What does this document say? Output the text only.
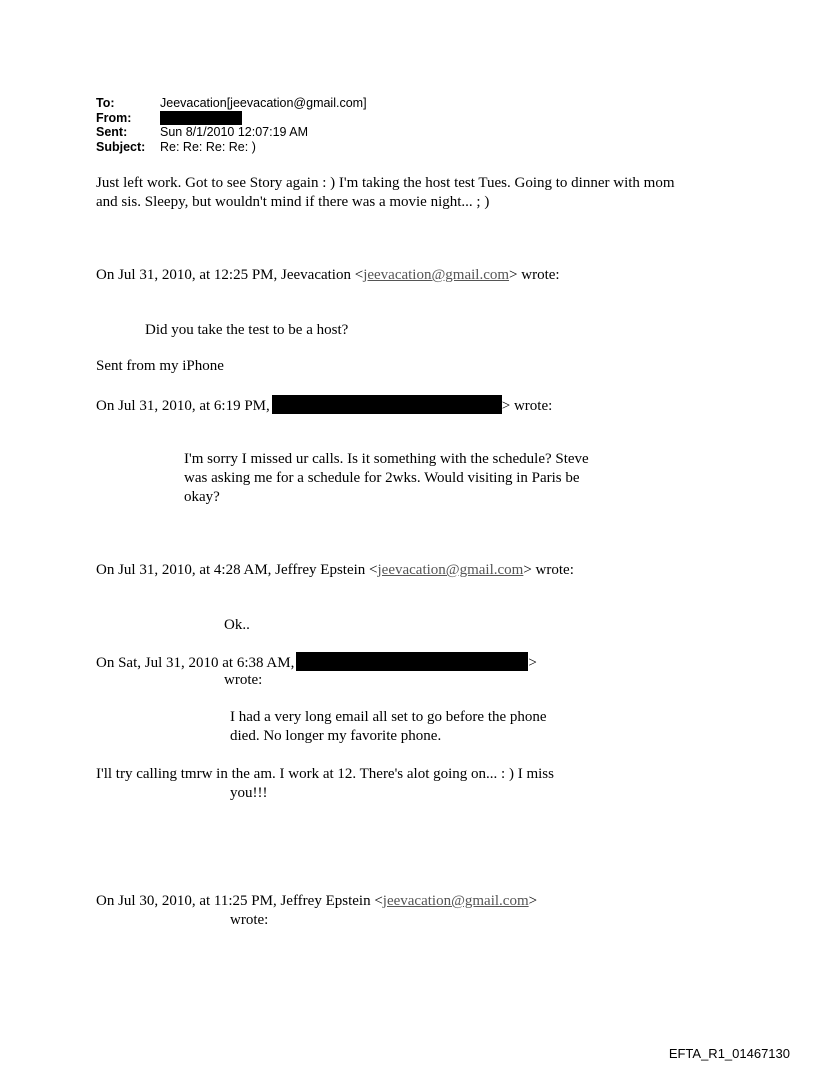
To:	Jeevacation[jeevacation@gmail.com]
From:
Sent:	Sun 8/1/2010 12:07:19 AM
Subject:	Re: Re: Re: Re: )
Just left work. Got to see Story again : ) I'm taking the host test Tues. Going to dinner with mom
and sis. Sleepy, but wouldn't mind if there was a movie night... ; )
On Jul 31, 2010, at 12:25 PM, Jeevacation <jeevacation@gmail.com> wrote:
Did you take the test to be a host?
Sent from my iPhone
On Jul 31, 2010, at 6:19 PM,	> wrote:
I'm sorry I missed ur calls. Is it something with the schedule? Steve
was asking me for a schedule for 2wks. Would visiting in Paris be
okay?
On Jul 31, 2010, at 4:28 AM, Jeffrey Epstein <jeevacation@gmail.com> wrote:
Ok..
On Sat, Jul 31, 2010 at 6:38 AM,	>
wrote:
I had a very long email all set to go before the phone
died. No longer my favorite phone.
I'll try calling tmrw in the am. I work at 12. There's alot going on... : ) I miss
you!!!
On Jul 30, 2010, at 11:25 PM, Jeffrey Epstein <jeevacation@gmail.com>
wrote:
EFTA_R1_01467130
